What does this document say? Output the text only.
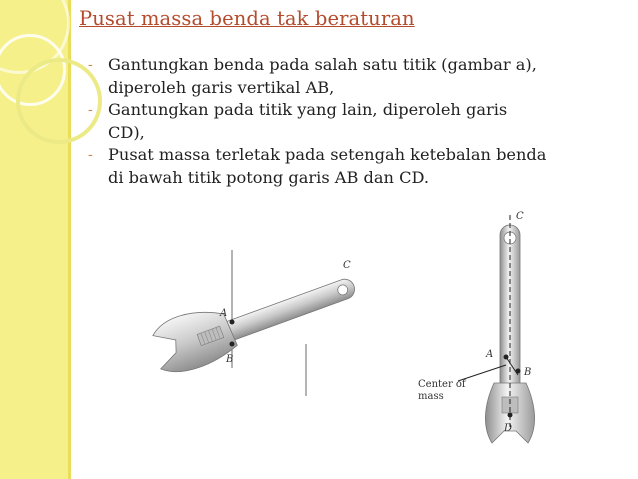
Pusat massa benda tak beraturan
- Gantungkan benda pada salah satu titik (gambar a),
diperoleh garis vertikal AB,
- Gantungkan pada titik yang lain, diperoleh garis
CD),
- Pusat massa terletak pada setengah ketebalan benda
di bawah titik potong garis AB dan CD.
A
B
C
C
A
B
D
Center of
mass
